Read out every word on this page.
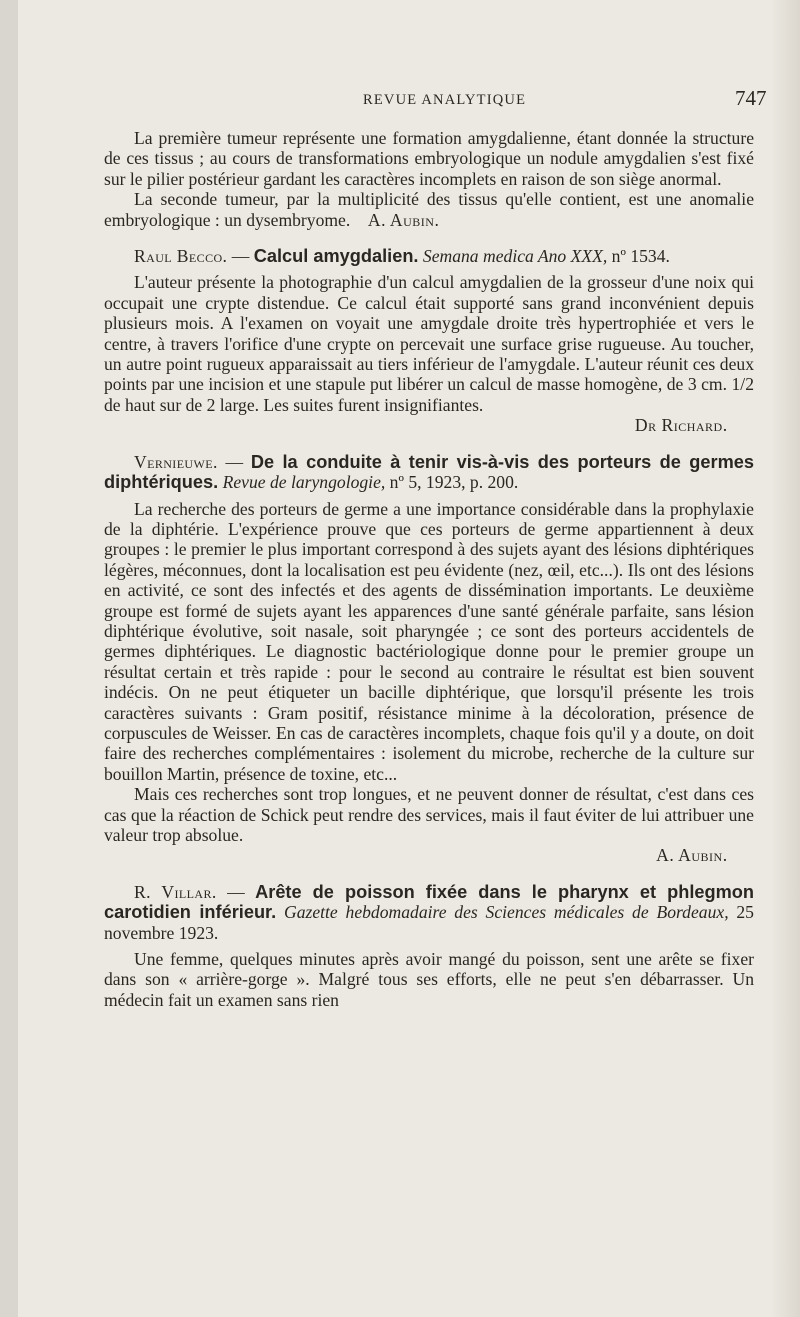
REVUE ANALYTIQUE	747

La première tumeur représente une formation amygdalienne, étant donnée la structure de ces tissus ; au cours de transformations embryologique un nodule amygdalien s'est fixé sur le pilier postérieur gardant les caractères incomplets en raison de son siège anormal.

La seconde tumeur, par la multiplicité des tissus qu'elle contient, est une anomalie embryologique : un dysembryome. A. Aubin.

Raul Becco. — Calcul amygdalien. Semana medica Ano XXX, nº 1534.

L'auteur présente la photographie d'un calcul amygdalien de la grosseur d'une noix qui occupait une crypte distendue. Ce calcul était supporté sans grand inconvénient depuis plusieurs mois. A l'examen on voyait une amygdale droite très hypertrophiée et vers le centre, à travers l'orifice d'une crypte on percevait une surface grise rugueuse. Au toucher, un autre point rugueux apparaissait au tiers inférieur de l'amygdale. L'auteur réunit ces deux points par une incision et une stapule put libérer un calcul de masse homogène, de 3 cm. 1/2 de haut sur de 2 large. Les suites furent insignifiantes.

Dr Richard.

Vernieuwe. — De la conduite à tenir vis-à-vis des porteurs de germes diphtériques. Revue de laryngologie, nº 5, 1923, p. 200.

La recherche des porteurs de germe a une importance considérable dans la prophylaxie de la diphtérie. L'expérience prouve que ces porteurs de germe appartiennent à deux groupes : le premier le plus important correspond à des sujets ayant des lésions diphtériques légères, méconnues, dont la localisation est peu évidente (nez, œil, etc...). Ils ont des lésions en activité, ce sont des infectés et des agents de dissémination importants. Le deuxième groupe est formé de sujets ayant les apparences d'une santé générale parfaite, sans lésion diphtérique évolutive, soit nasale, soit pharyngée ; ce sont des porteurs accidentels de germes diphtériques. Le diagnostic bactériologique donne pour le premier groupe un résultat certain et très rapide : pour le second au contraire le résultat est bien souvent indécis. On ne peut étiqueter un bacille diphtérique, que lorsqu'il présente les trois caractères suivants : Gram positif, résistance minime à la décoloration, présence de corpuscules de Weisser. En cas de caractères incomplets, chaque fois qu'il y a doute, on doit faire des recherches complémentaires : isolement du microbe, recherche de la culture sur bouillon Martin, présence de toxine, etc...

Mais ces recherches sont trop longues, et ne peuvent donner de résultat, c'est dans ces cas que la réaction de Schick peut rendre des services, mais il faut éviter de lui attribuer une valeur trop absolue.

A. Aubin.

R. Villar. — Arête de poisson fixée dans le pharynx et phlegmon carotidien inférieur. Gazette hebdomadaire des Sciences médicales de Bordeaux, 25 novembre 1923.

Une femme, quelques minutes après avoir mangé du poisson, sent une arête se fixer dans son « arrière-gorge ». Malgré tous ses efforts, elle ne peut s'en débarrasser. Un médecin fait un examen sans rien
